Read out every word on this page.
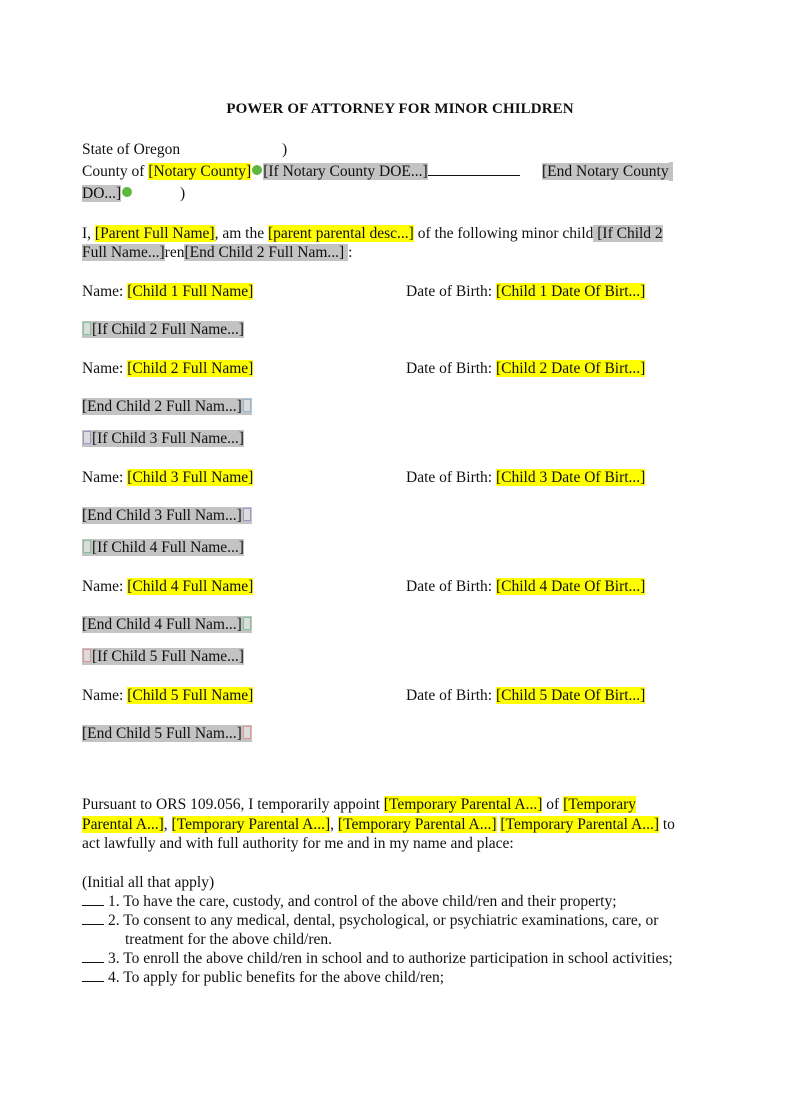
POWER OF ATTORNEY FOR MINOR CHILDREN
State of Oregon	)
County of [Notary County] [If Notary County DOE...]	[End Notary County
DO...]	)
I, [Parent Full Name], am the [parent parental desc...] of the following minor child [If Child 2
Full Name...]ren[End Child 2 Full Nam...] :
Name: [Child 1 Full Name]	Date of Birth: [Child 1 Date Of Birt...]
[If Child 2 Full Name...]
Name: [Child 2 Full Name]	Date of Birth: [Child 2 Date Of Birt...]
[End Child 2 Full Nam...]
[If Child 3 Full Name...]
Name: [Child 3 Full Name]	Date of Birth: [Child 3 Date Of Birt...]
[End Child 3 Full Nam...]
[If Child 4 Full Name...]
Name: [Child 4 Full Name]	Date of Birth: [Child 4 Date Of Birt...]
[End Child 4 Full Nam...]
[If Child 5 Full Name...]
Name: [Child 5 Full Name]	Date of Birth: [Child 5 Date Of Birt...]
[End Child 5 Full Nam...]
Pursuant to ORS 109.056, I temporarily appoint [Temporary Parental A...] of [Temporary
Parental A...], [Temporary Parental A...], [Temporary Parental A...] [Temporary Parental A...] to
act lawfully and with full authority for me and in my name and place:
(Initial all that apply)
1. To have the care, custody, and control of the above child/ren and their property;
2. To consent to any medical, dental, psychological, or psychiatric examinations, care, or
treatment for the above child/ren.
3. To enroll the above child/ren in school and to authorize participation in school activities;
4. To apply for public benefits for the above child/ren;
